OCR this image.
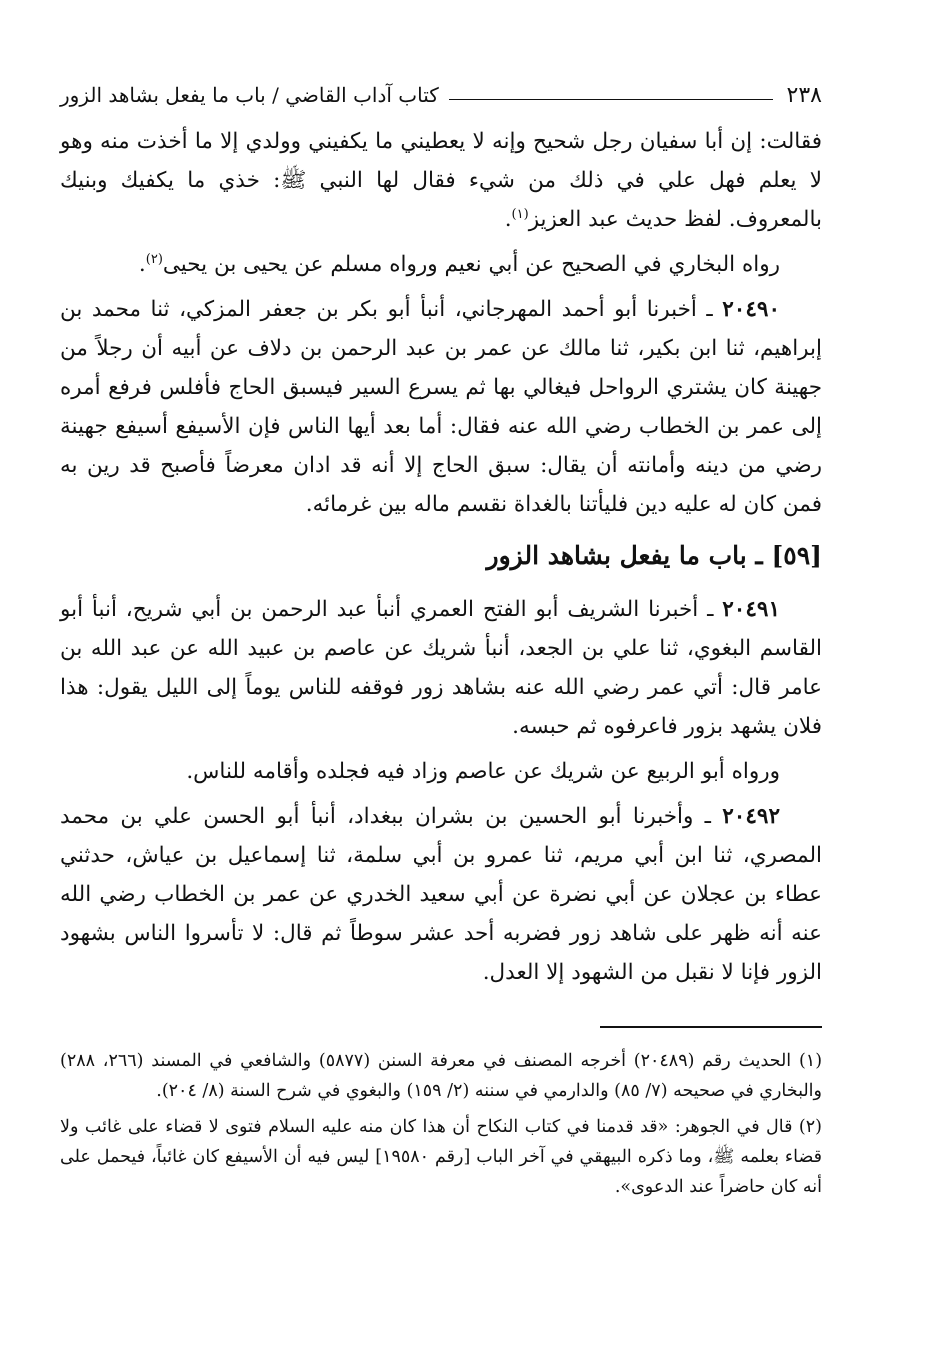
٢٣٨
كتاب آداب القاضي / باب ما يفعل بشاهد الزور

فقالت: إن أبا سفيان رجل شحيح وإنه لا يعطيني ما يكفيني وولدي إلا ما أخذت منه وهو لا يعلم فهل علي في ذلك من شيء فقال لها النبي ﷺ: خذي ما يكفيك وبنيك بالمعروف. لفظ حديث عبد العزيز$^{(١)}$.

رواه البخاري في الصحيح عن أبي نعيم ورواه مسلم عن يحيى بن يحيى$^{(٢)}$.

٢٠٤٩٠ ـ أخبرنا أبو أحمد المهرجاني، أنبأ أبو بكر بن جعفر المزكي، ثنا محمد بن إبراهيم، ثنا ابن بكير، ثنا مالك عن عمر بن عبد الرحمن بن دلاف عن أبيه أن رجلاً من جهينة كان يشتري الرواحل فيغالي بها ثم يسرع السير فيسبق الحاج فأفلس فرفع أمره إلى عمر بن الخطاب رضي الله عنه فقال: أما بعد أيها الناس فإن الأسيفع أسيفع جهينة رضي من دينه وأمانته أن يقال: سبق الحاج إلا أنه قد ادان معرضاً فأصبح قد رين به فمن كان له عليه دين فليأتنا بالغداة نقسم ماله بين غرمائه.

[٥٩] ـ باب ما يفعل بشاهد الزور

٢٠٤٩١ ـ أخبرنا الشريف أبو الفتح العمري أنبأ عبد الرحمن بن أبي شريح، أنبأ أبو القاسم البغوي، ثنا علي بن الجعد، أنبأ شريك عن عاصم بن عبيد الله عن عبد الله بن عامر قال: أتي عمر رضي الله عنه بشاهد زور فوقفه للناس يوماً إلى الليل يقول: هذا فلان يشهد بزور فاعرفوه ثم حبسه.

ورواه أبو الربيع عن شريك عن عاصم وزاد فيه فجلده وأقامه للناس.

٢٠٤٩٢ ـ وأخبرنا أبو الحسين بن بشران ببغداد، أنبأ أبو الحسن علي بن محمد المصري، ثنا ابن أبي مريم، ثنا عمرو بن أبي سلمة، ثنا إسماعيل بن عياش، حدثني عطاء بن عجلان عن أبي نضرة عن أبي سعيد الخدري عن عمر بن الخطاب رضي الله عنه أنه ظهر على شاهد زور فضربه أحد عشر سوطاً ثم قال: لا تأسروا الناس بشهود الزور فإنا لا نقبل من الشهود إلا العدل.

(١) الحديث رقم (٢٠٤٨٩) أخرجه المصنف في معرفة السنن (٥٨٧٧) والشافعي في المسند (٢٦٦، ٢٨٨) والبخاري في صحيحه (٧/ ٨٥) والدارمي في سننه (٢/ ١٥٩) والبغوي في شرح السنة (٨/ ٢٠٤).

(٢) قال في الجوهر: «قد قدمنا في كتاب النكاح أن هذا كان منه عليه السلام فتوى لا قضاء على غائب ولا قضاء بعلمه ﷺ، وما ذكره البيهقي في آخر الباب [رقم ١٩٥٨٠] ليس فيه أن الأسيفع كان غائباً، فيحمل على أنه كان حاضراً عند الدعوى».
